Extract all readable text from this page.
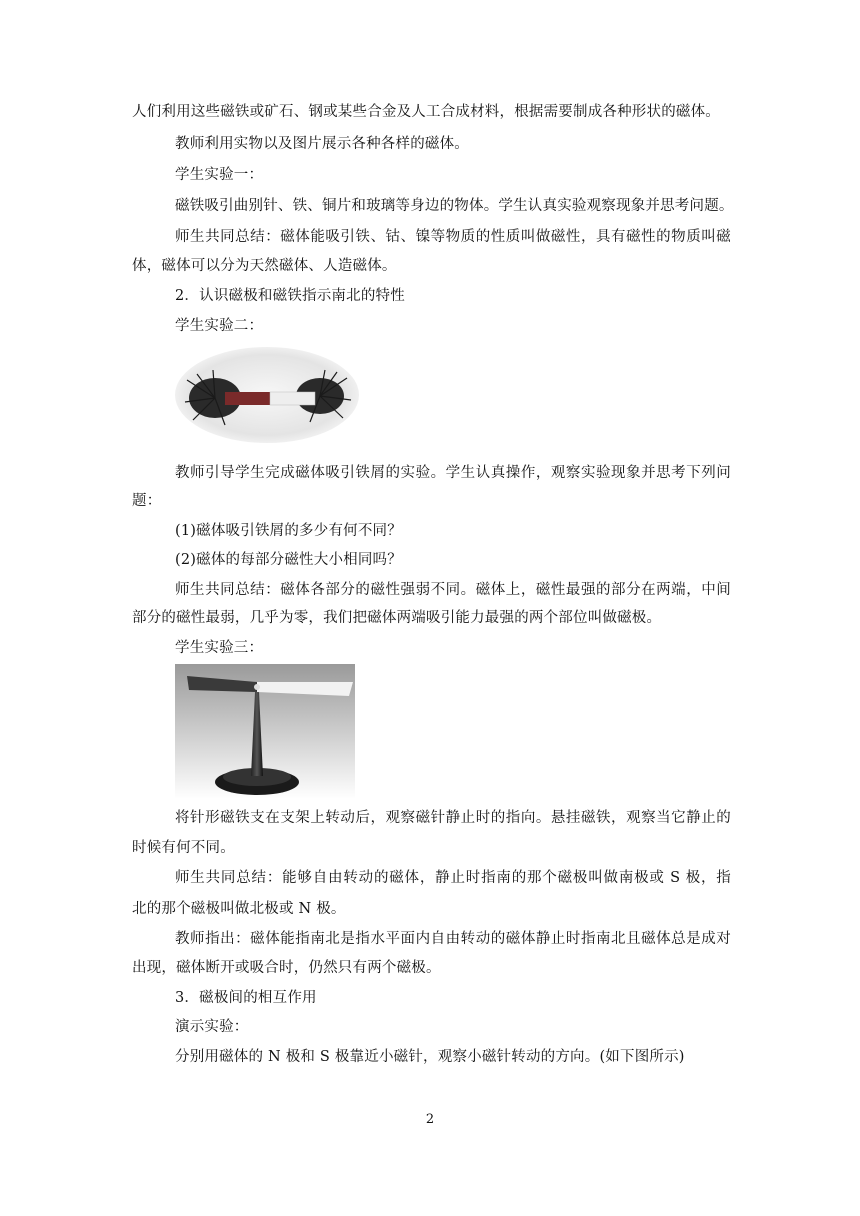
人们利用这些磁铁或矿石、钢或某些合金及人工合成材料，根据需要制成各种形状的磁体。
教师利用实物以及图片展示各种各样的磁体。
学生实验一：
磁铁吸引曲别针、铁、铜片和玻璃等身边的物体。学生认真实验观察现象并思考问题。
师生共同总结：磁体能吸引铁、钴、镍等物质的性质叫做磁性，具有磁性的物质叫磁
体，磁体可以分为天然磁体、人造磁体。
2．认识磁极和磁铁指示南北的特性
学生实验二：
教师引导学生完成磁体吸引铁屑的实验。学生认真操作，观察实验现象并思考下列问
题：
(1)磁体吸引铁屑的多少有何不同？
(2)磁体的每部分磁性大小相同吗？
师生共同总结：磁体各部分的磁性强弱不同。磁体上，磁性最强的部分在两端，中间
部分的磁性最弱，几乎为零，我们把磁体两端吸引能力最强的两个部位叫做磁极。
学生实验三：
将针形磁铁支在支架上转动后，观察磁针静止时的指向。悬挂磁铁，观察当它静止的
时候有何不同。
师生共同总结：能够自由转动的磁体，静止时指南的那个磁极叫做南极或 S 极，指
北的那个磁极叫做北极或 N 极。
教师指出：磁体能指南北是指水平面内自由转动的磁体静止时指南北且磁体总是成对
出现，磁体断开或吸合时，仍然只有两个磁极。
3．磁极间的相互作用
演示实验：
分别用磁体的 N 极和 S 极靠近小磁针，观察小磁针转动的方向。(如下图所示)
2
